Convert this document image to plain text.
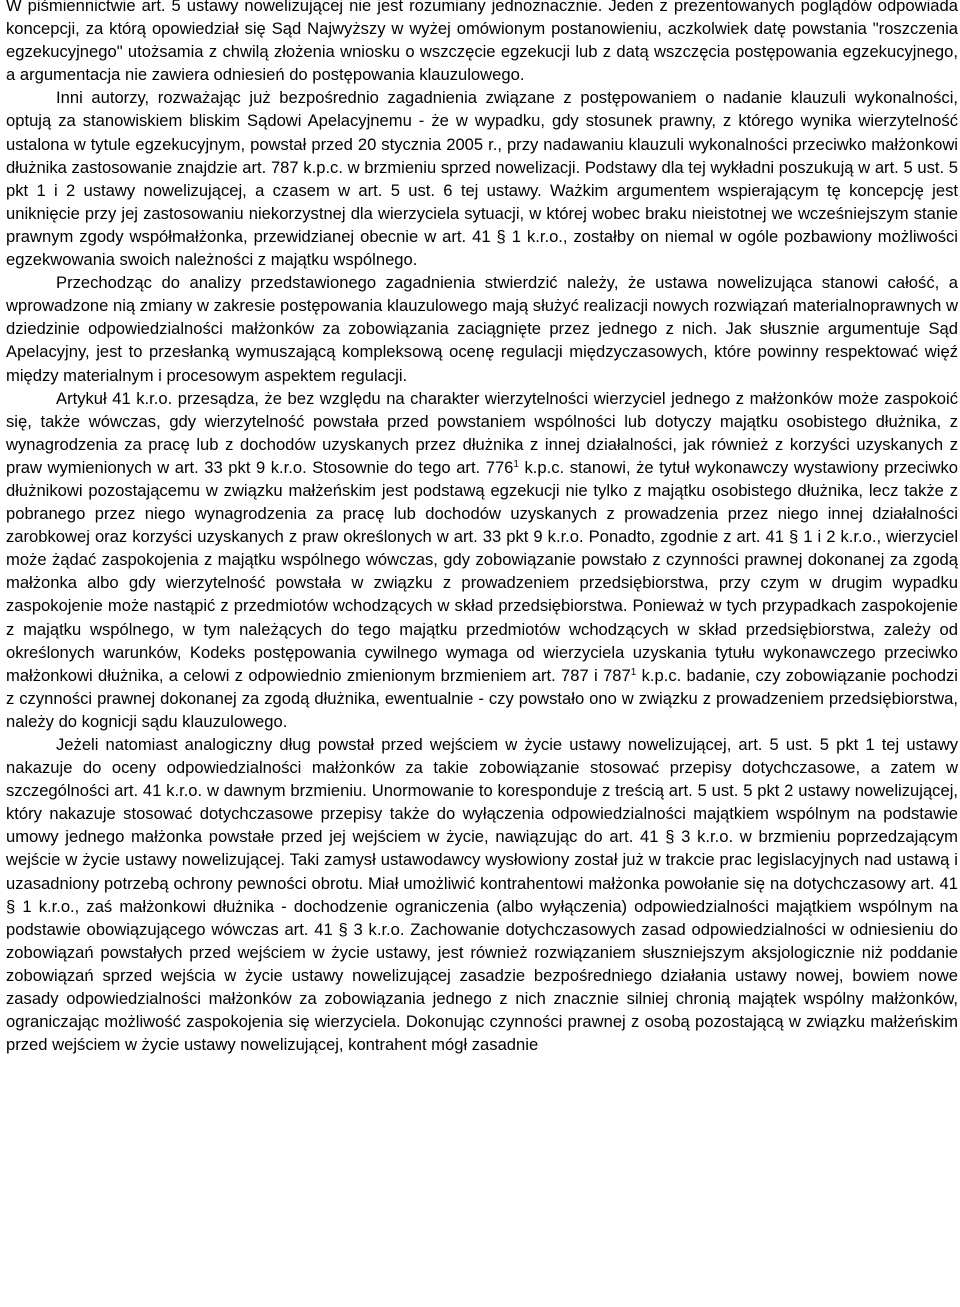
W piśmiennictwie art. 5 ustawy nowelizującej nie jest rozumiany jednoznacznie. Jeden z prezentowanych poglądów odpowiada koncepcji, za którą opowiedział się Sąd Najwyższy w wyżej omówionym postanowieniu, aczkolwiek datę powstania "roszczenia egzekucyjnego" utożsamia z chwilą złożenia wniosku o wszczęcie egzekucji lub z datą wszczęcia postępowania egzekucyjnego, a argumentacja nie zawiera odniesień do postępowania klauzulowego.

Inni autorzy, rozważając już bezpośrednio zagadnienia związane z postępowaniem o nadanie klauzuli wykonalności, optują za stanowiskiem bliskim Sądowi Apelacyjnemu - że w wypadku, gdy stosunek prawny, z którego wynika wierzytelność ustalona w tytule egzekucyjnym, powstał przed 20 stycznia 2005 r., przy nadawaniu klauzuli wykonalności przeciwko małżonkowi dłużnika zastosowanie znajdzie art. 787 k.p.c. w brzmieniu sprzed nowelizacji. Podstawy dla tej wykładni poszukują w art. 5 ust. 5 pkt 1 i 2 ustawy nowelizującej, a czasem w art. 5 ust. 6 tej ustawy. Ważkim argumentem wspierającym tę koncepcję jest uniknięcie przy jej zastosowaniu niekorzystnej dla wierzyciela sytuacji, w której wobec braku nieistotnej we wcześniejszym stanie prawnym zgody współmałżonka, przewidzianej obecnie w art. 41 § 1 k.r.o., zostałby on niemal w ogóle pozbawiony możliwości egzekwowania swoich należności z majątku wspólnego.

Przechodząc do analizy przedstawionego zagadnienia stwierdzić należy, że ustawa nowelizująca stanowi całość, a wprowadzone nią zmiany w zakresie postępowania klauzulowego mają służyć realizacji nowych rozwiązań materialnoprawnych w dziedzinie odpowiedzialności małżonków za zobowiązania zaciągnięte przez jednego z nich. Jak słusznie argumentuje Sąd Apelacyjny, jest to przesłanką wymuszającą kompleksową ocenę regulacji międzyczasowych, które powinny respektować więź między materialnym i procesowym aspektem regulacji.

Artykuł 41 k.r.o. przesądza, że bez względu na charakter wierzytelności wierzyciel jednego z małżonków może zaspokoić się, także wówczas, gdy wierzytelność powstała przed powstaniem wspólności lub dotyczy majątku osobistego dłużnika, z wynagrodzenia za pracę lub z dochodów uzyskanych przez dłużnika z innej działalności, jak również z korzyści uzyskanych z praw wymienionych w art. 33 pkt 9 k.r.o. Stosownie do tego art. $776^1$ k.p.c. stanowi, że tytuł wykonawczy wystawiony przeciwko dłużnikowi pozostającemu w związku małżeńskim jest podstawą egzekucji nie tylko z majątku osobistego dłużnika, lecz także z pobranego przez niego wynagrodzenia za pracę lub dochodów uzyskanych z prowadzenia przez niego innej działalności zarobkowej oraz korzyści uzyskanych z praw określonych w art. 33 pkt 9 k.r.o. Ponadto, zgodnie z art. 41 § 1 i 2 k.r.o., wierzyciel może żądać zaspokojenia z majątku wspólnego wówczas, gdy zobowiązanie powstało z czynności prawnej dokonanej za zgodą małżonka albo gdy wierzytelność powstała w związku z prowadzeniem przedsiębiorstwa, przy czym w drugim wypadku zaspokojenie może nastąpić z przedmiotów wchodzących w skład przedsiębiorstwa. Ponieważ w tych przypadkach zaspokojenie z majątku wspólnego, w tym należących do tego majątku przedmiotów wchodzących w skład przedsiębiorstwa, zależy od określonych warunków, Kodeks postępowania cywilnego wymaga od wierzyciela uzyskania tytułu wykonawczego przeciwko małżonkowi dłużnika, a celowi z odpowiednio zmienionym brzmieniem art. 787 i $787^1$ k.p.c. badanie, czy zobowiązanie pochodzi z czynności prawnej dokonanej za zgodą dłużnika, ewentualnie - czy powstało ono w związku z prowadzeniem przedsiębiorstwa, należy do kognicji sądu klauzulowego.

Jeżeli natomiast analogiczny dług powstał przed wejściem w życie ustawy nowelizującej, art. 5 ust. 5 pkt 1 tej ustawy nakazuje do oceny odpowiedzialności małżonków za takie zobowiązanie stosować przepisy dotychczasowe, a zatem w szczególności art. 41 k.r.o. w dawnym brzmieniu. Unormowanie to koresponduje z treścią art. 5 ust. 5 pkt 2 ustawy nowelizującej, który nakazuje stosować dotychczasowe przepisy także do wyłączenia odpowiedzialności majątkiem wspólnym na podstawie umowy jednego małżonka powstałe przed jej wejściem w życie, nawiązując do art. 41 § 3 k.r.o. w brzmieniu poprzedzającym wejście w życie ustawy nowelizującej. Taki zamysł ustawodawcy wysłowiony został już w trakcie prac legislacyjnych nad ustawą i uzasadniony potrzebą ochrony pewności obrotu. Miał umożliwić kontrahentowi małżonka powołanie się na dotychczasowy art. 41 § 1 k.r.o., zaś małżonkowi dłużnika - dochodzenie ograniczenia (albo wyłączenia) odpowiedzialności majątkiem wspólnym na podstawie obowiązującego wówczas art. 41 § 3 k.r.o. Zachowanie dotychczasowych zasad odpowiedzialności w odniesieniu do zobowiązań powstałych przed wejściem w życie ustawy, jest również rozwiązaniem słuszniejszym aksjologicznie niż poddanie zobowiązań sprzed wejścia w życie ustawy nowelizującej zasadzie bezpośredniego działania ustawy nowej, bowiem nowe zasady odpowiedzialności małżonków za zobowiązania jednego z nich znacznie silniej chronią majątek wspólny małżonków, ograniczając możliwość zaspokojenia się wierzyciela. Dokonując czynności prawnej z osobą pozostającą w związku małżeńskim przed wejściem w życie ustawy nowelizującej, kontrahent mógł zasadnie
